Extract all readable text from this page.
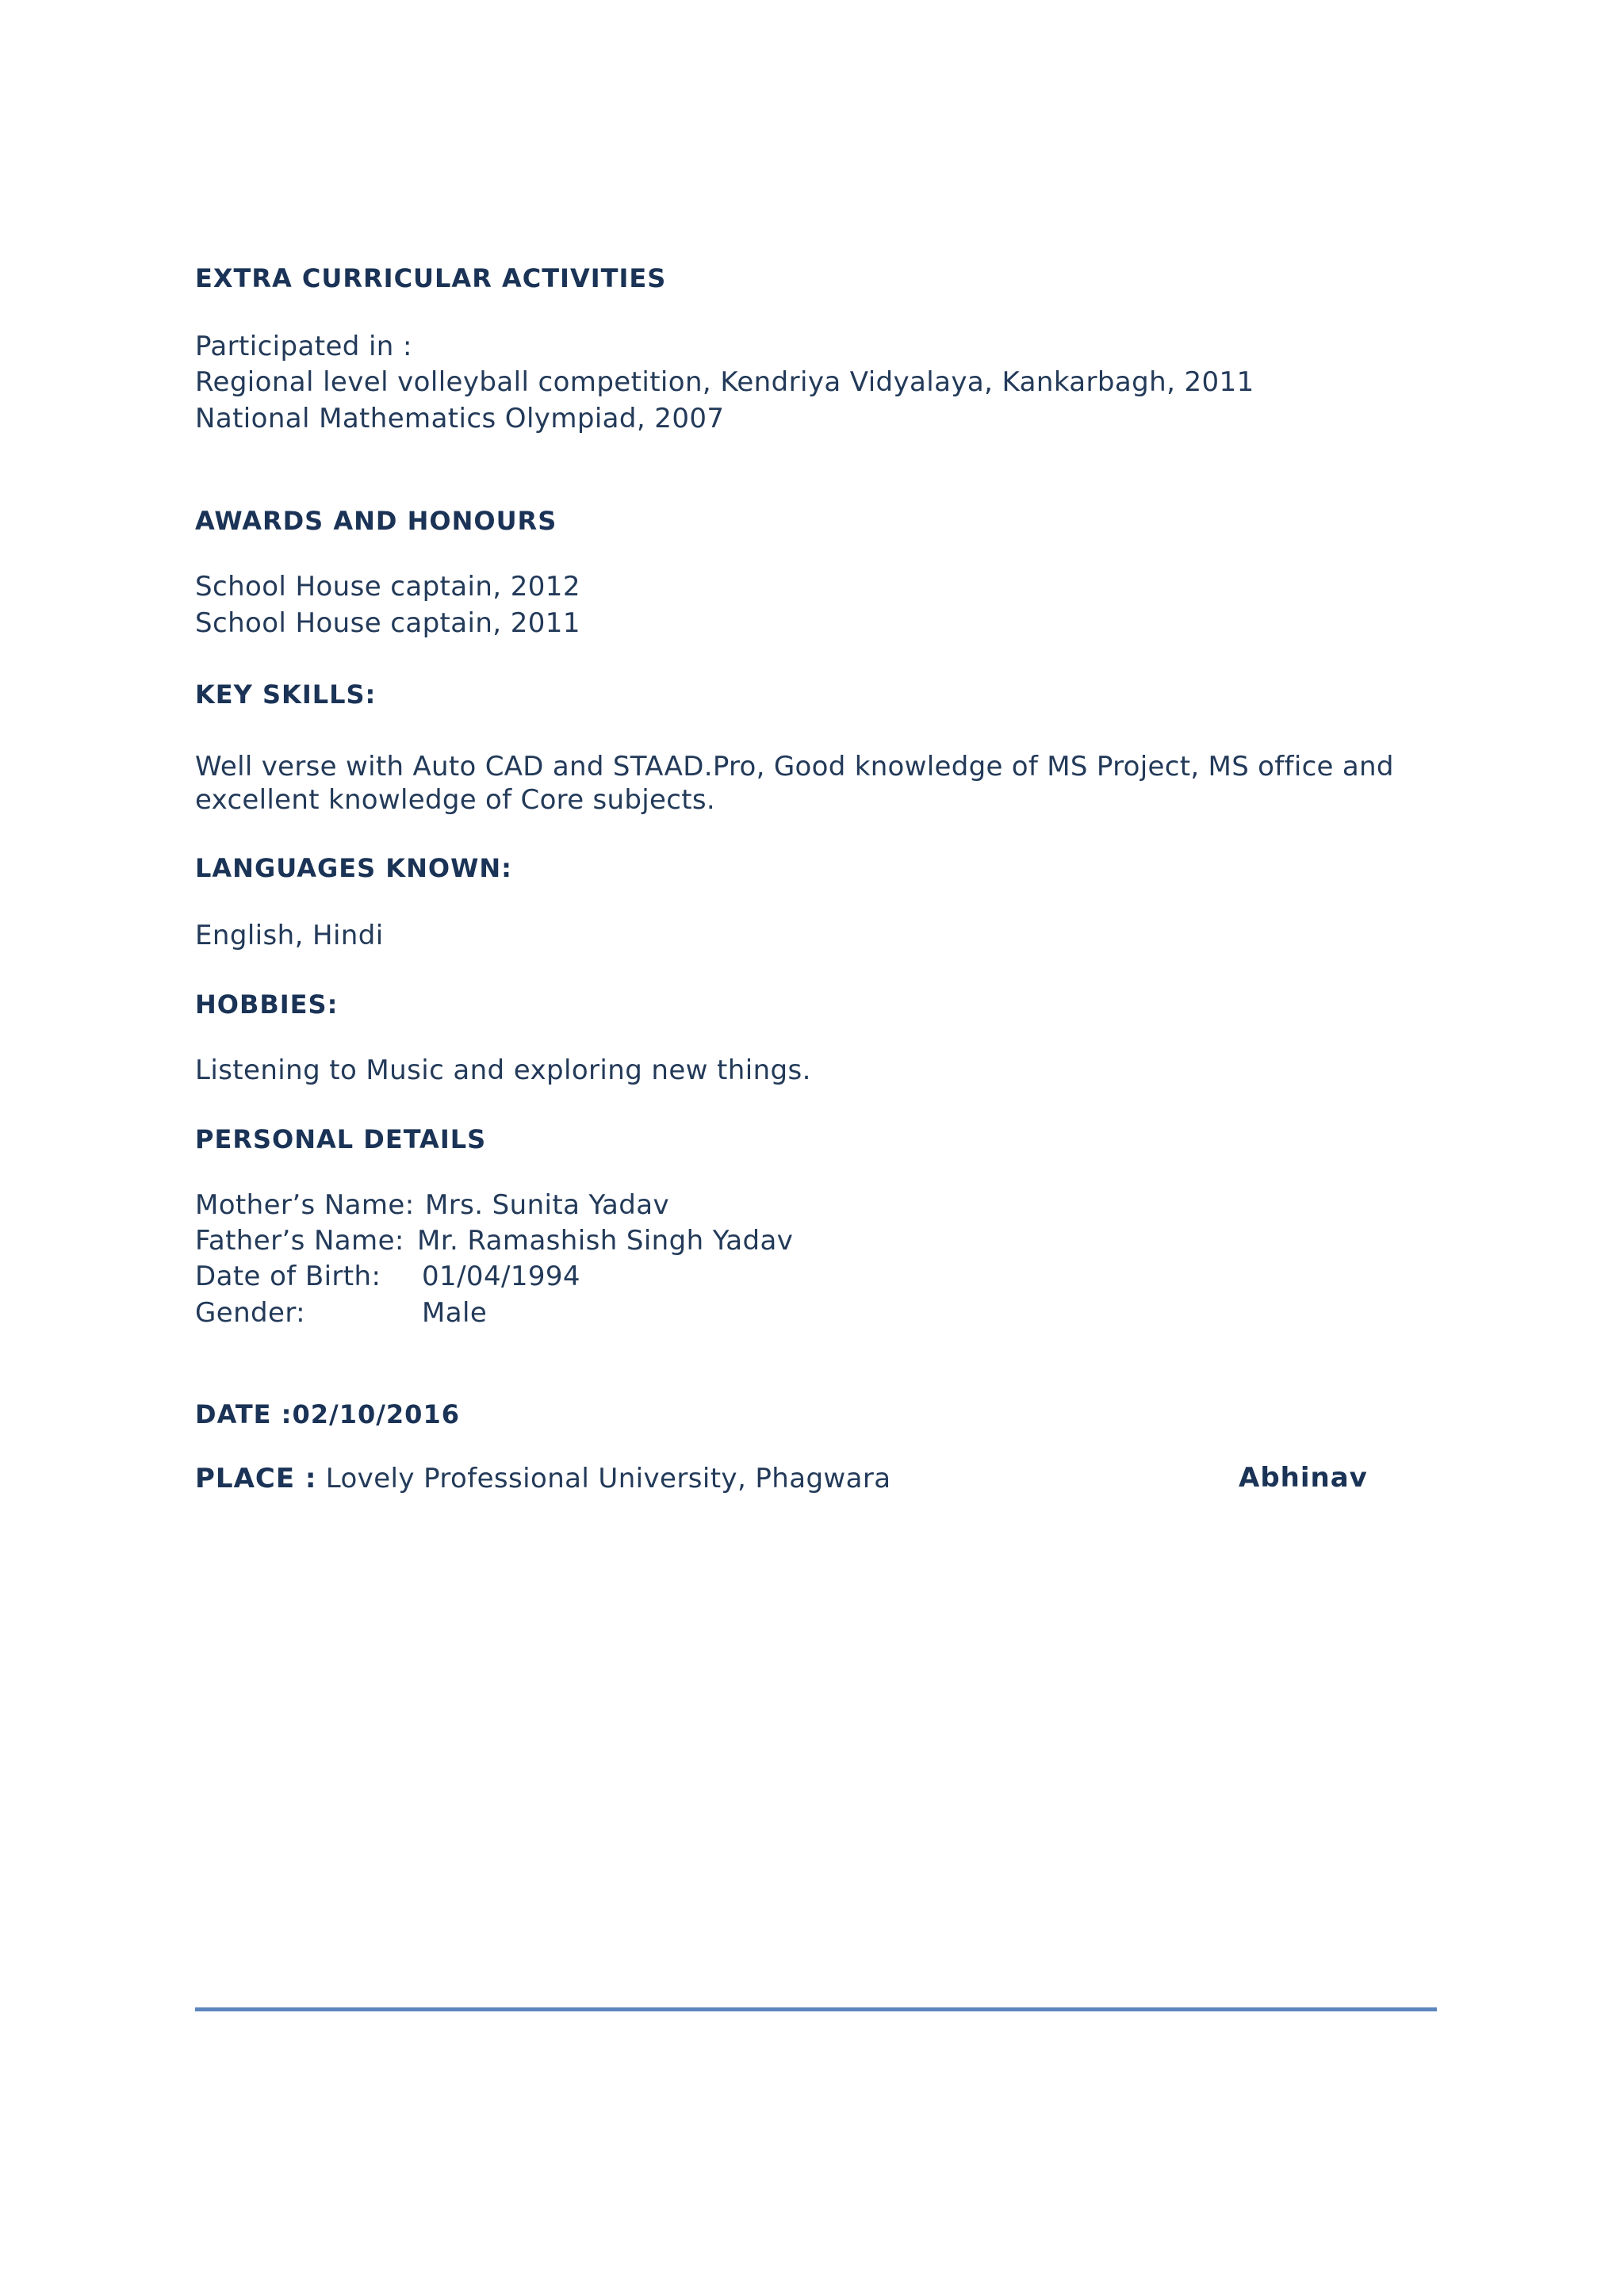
EXTRA CURRICULAR ACTIVITIES
Participated in :
Regional level volleyball competition, Kendriya Vidyalaya, Kankarbagh, 2011
National Mathematics Olympiad, 2007
AWARDS AND HONOURS
School House captain, 2012
School House captain, 2011
KEY SKILLS:
Well verse with Auto CAD and STAAD.Pro, Good knowledge of MS Project, MS office and excellent knowledge of Core subjects.
LANGUAGES KNOWN:
English, Hindi
HOBBIES:
Listening to Music and exploring new things.
PERSONAL DETAILS
Mother’s Name: Mrs. Sunita Yadav
Father’s Name: Mr. Ramashish Singh Yadav
Date of Birth: 01/04/1994
Gender:	Male
DATE :02/10/2016
PLACE : Lovely Professional University, Phagwara	Abhinav
